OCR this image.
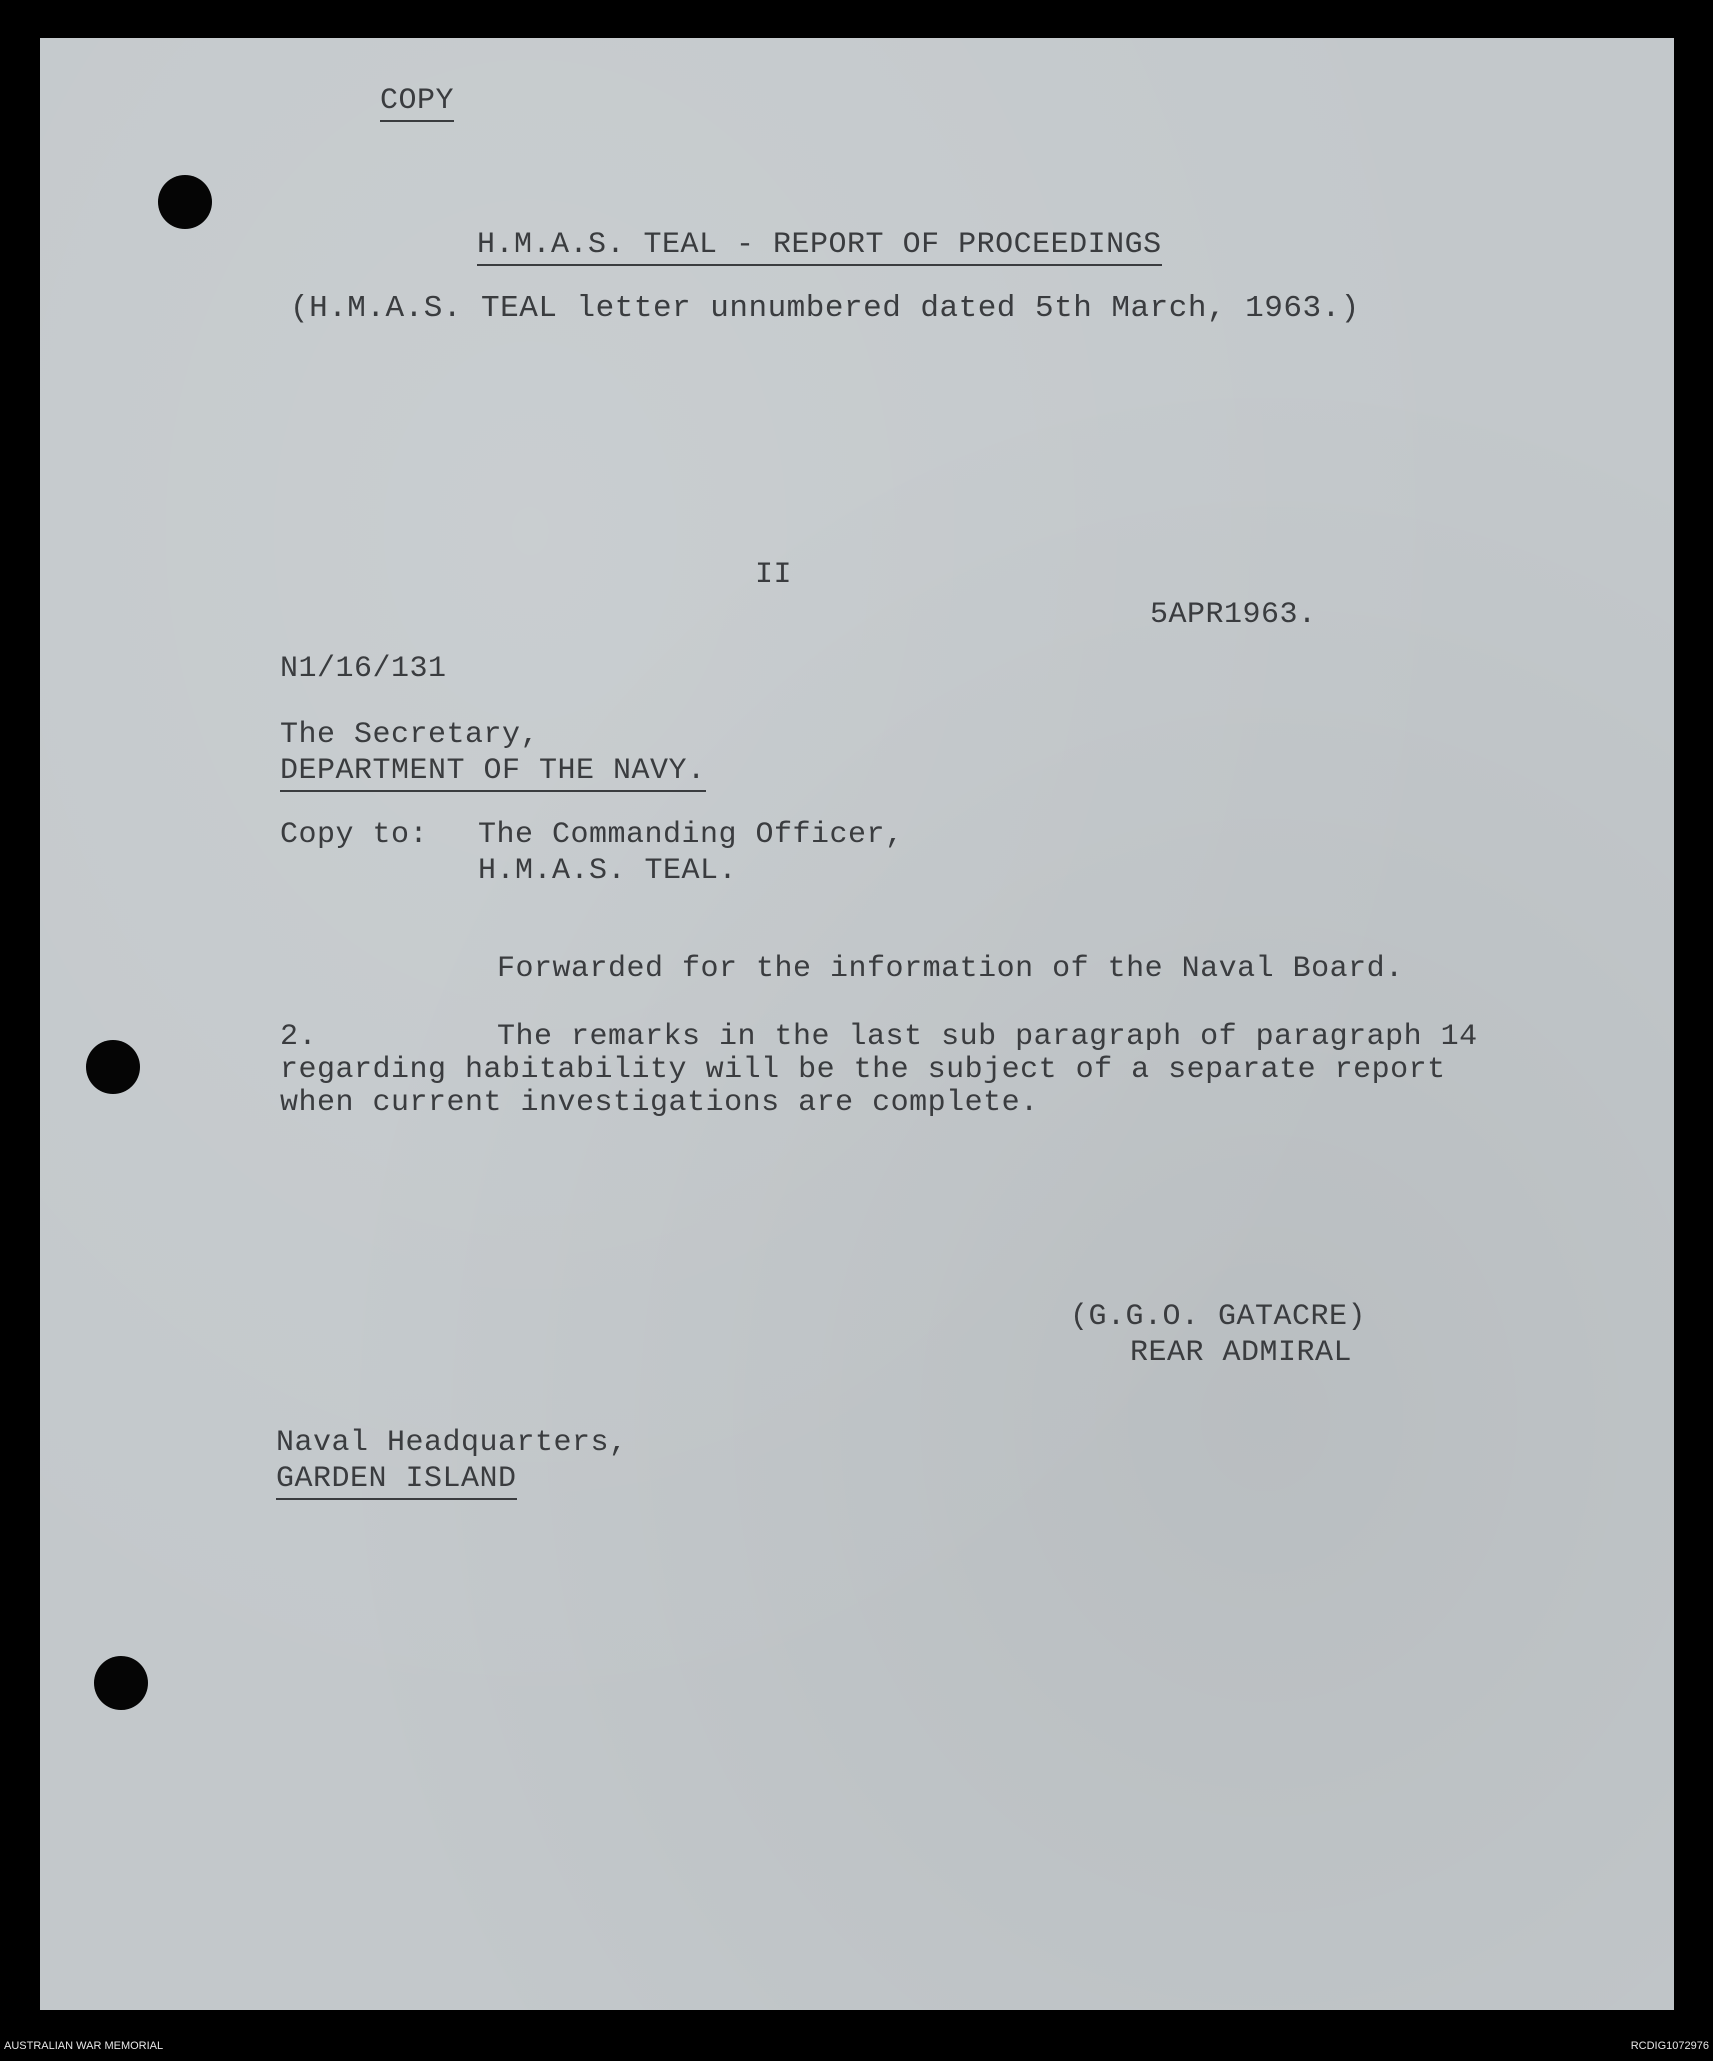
COPY
H.M.A.S. TEAL - REPORT OF PROCEEDINGS
(H.M.A.S. TEAL letter unnumbered dated 5th March, 1963.)
II
5APR1963.
N1/16/131
The Secretary,
DEPARTMENT OF THE NAVY.
Copy to: The Commanding Officer,
H.M.A.S. TEAL.
Forwarded for the information of the Naval Board.
2.	The remarks in the last sub paragraph of paragraph 14
regarding habitability will be the subject of a separate report
when current investigations are complete.
(G.G.O. GATACRE)
REAR ADMIRAL
Naval Headquarters,
GARDEN ISLAND
AUSTRALIAN WAR MEMORIAL	RCDIG1072976
